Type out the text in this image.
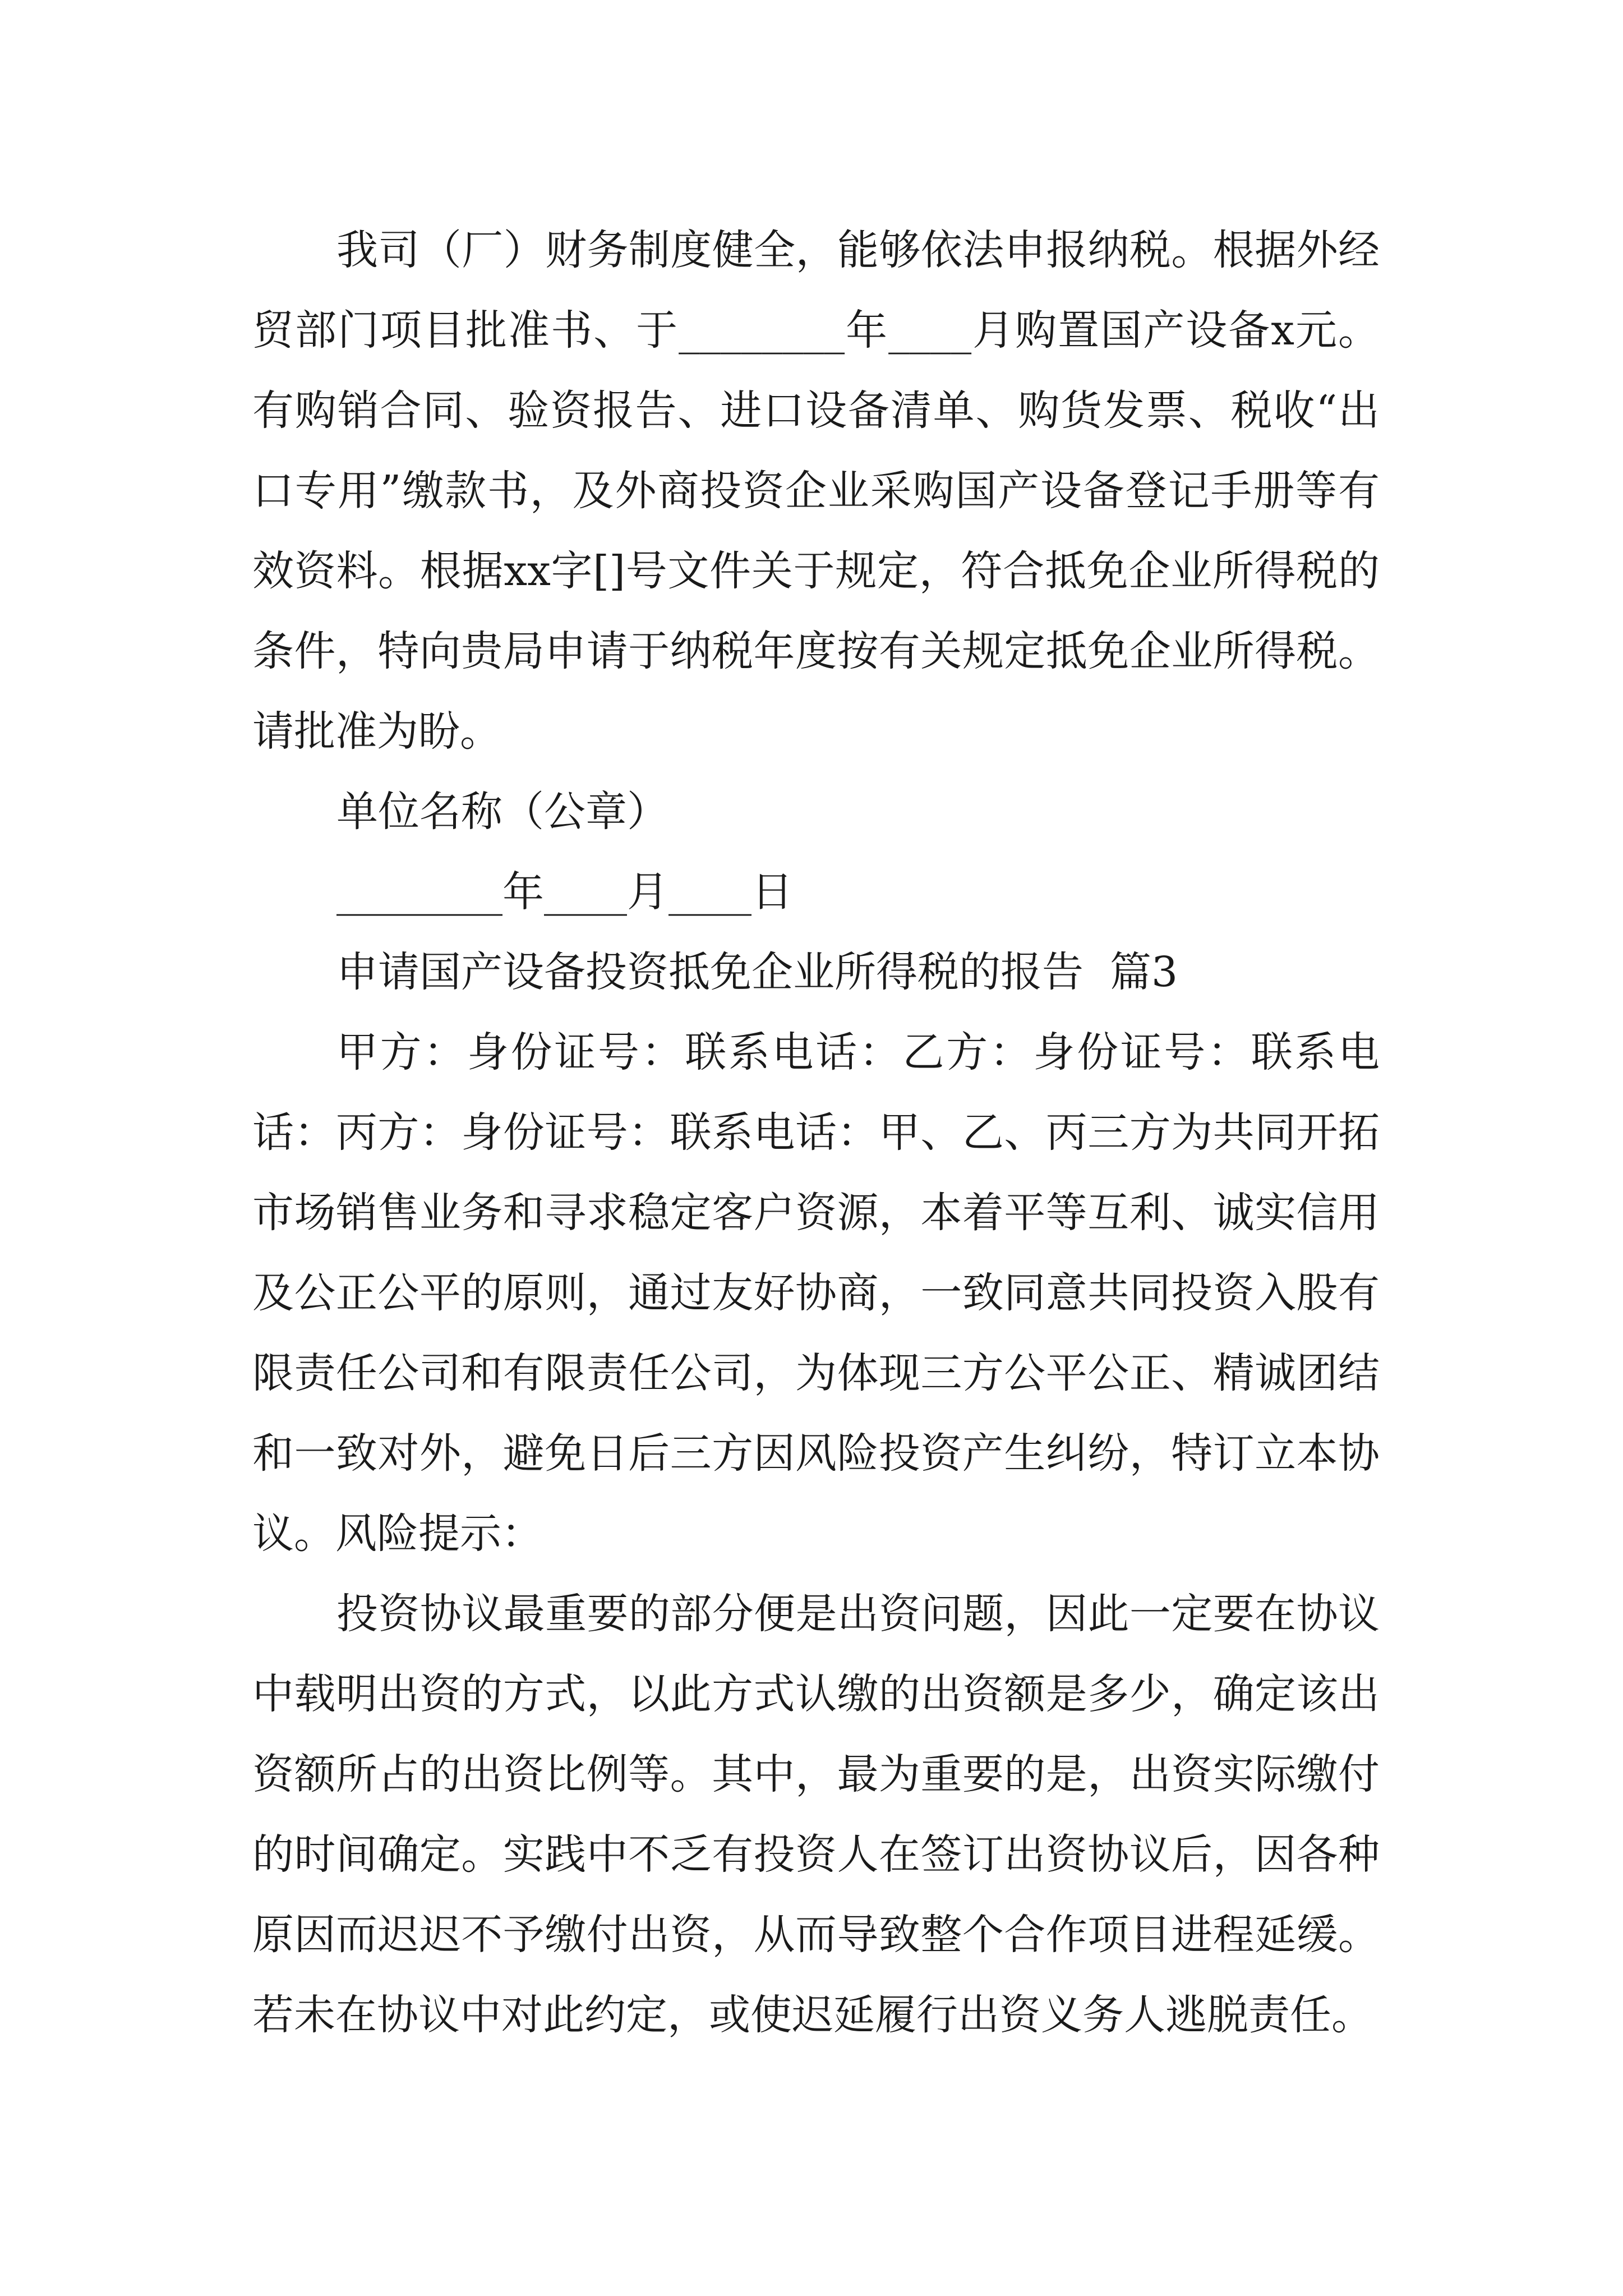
我司（厂）财务制度健全，能够依法申报纳税。根据外经贸部门项目批准书、于________年____月购置国产设备x元。有购销合同、验资报告、进口设备清单、购货发票、税收“出口专用”缴款书，及外商投资企业采购国产设备登记手册等有效资料。根据xx字[]号文件关于规定，符合抵免企业所得税的条件，特向贵局申请于纳税年度按有关规定抵免企业所得税。请批准为盼。

单位名称（公章）

________年____月____日

申请国产设备投资抵免企业所得税的报告  篇3

甲方：身份证号：联系电话：乙方：身份证号：联系电话：丙方：身份证号：联系电话：甲、乙、丙三方为共同开拓市场销售业务和寻求稳定客户资源，本着平等互利、诚实信用及公正公平的原则，通过友好协商，一致同意共同投资入股有限责任公司和有限责任公司，为体现三方公平公正、精诚团结和一致对外，避免日后三方因风险投资产生纠纷，特订立本协议。风险提示：

投资协议最重要的部分便是出资问题，因此一定要在协议中载明出资的方式，以此方式认缴的出资额是多少，确定该出资额所占的出资比例等。其中，最为重要的是，出资实际缴付的时间确定。实践中不乏有投资人在签订出资协议后，因各种原因而迟迟不予缴付出资，从而导致整个合作项目进程延缓。若未在协议中对此约定，或使迟延履行出资义务人逃脱责任。
